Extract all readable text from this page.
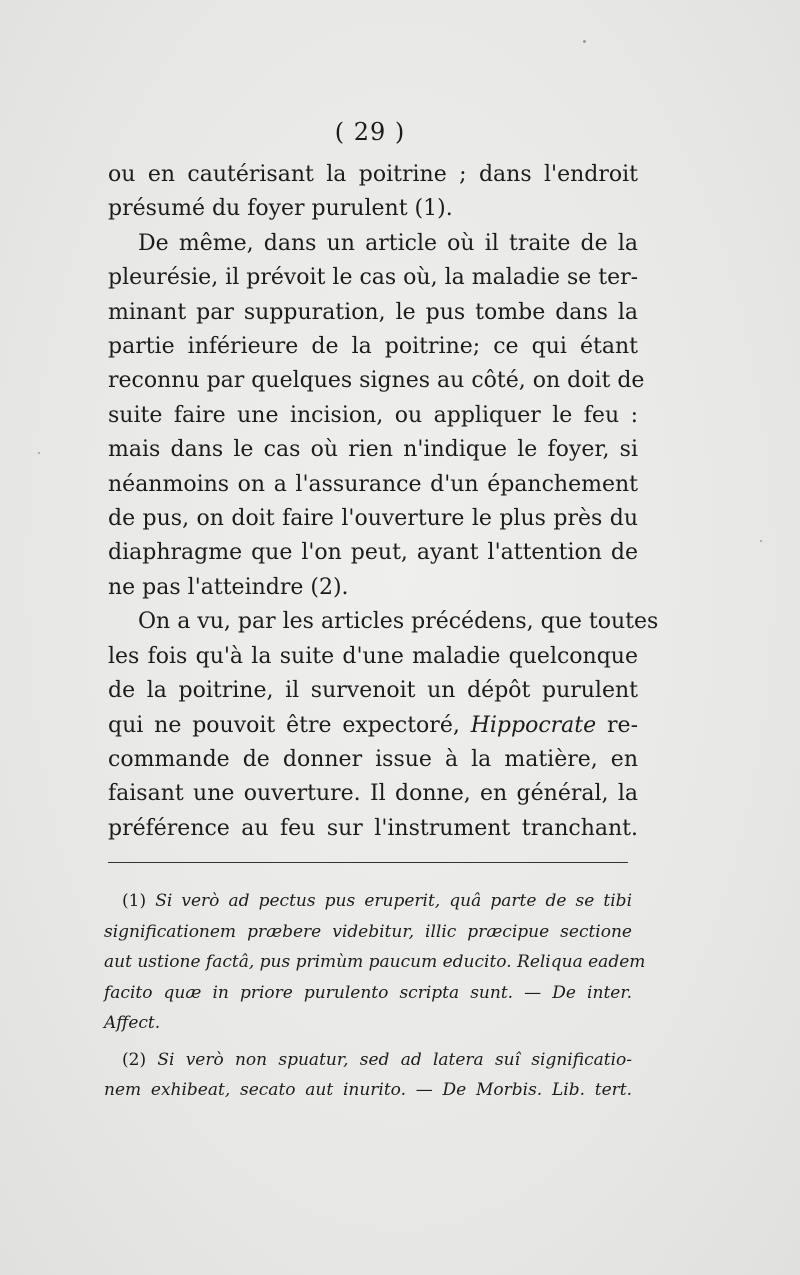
( 29 )
ou en cautérisant la poitrine ; dans l'endroit
présumé du foyer purulent (1).
De même, dans un article où il traite de la
pleurésie, il prévoit le cas où, la maladie se ter-
minant par suppuration, le pus tombe dans la
partie inférieure de la poitrine; ce qui étant
reconnu par quelques signes au côté, on doit de
suite faire une incision, ou appliquer le feu :
mais dans le cas où rien n'indique le foyer, si
néanmoins on a l'assurance d'un épanchement
de pus, on doit faire l'ouverture le plus près du
diaphragme que l'on peut, ayant l'attention de
ne pas l'atteindre (2).
On a vu, par les articles précédens, que toutes
les fois qu'à la suite d'une maladie quelconque
de la poitrine, il survenoit un dépôt purulent
qui ne pouvoit être expectoré, Hippocrate re-
commande de donner issue à la matière, en
faisant une ouverture. Il donne, en général, la
préférence au feu sur l'instrument tranchant.
(1) Si verò ad pectus pus eruperit, quâ parte de se tibi
significationem præbere videbitur, illic præcipue sectione
aut ustione factâ, pus primùm paucum educito. Reliqua eadem
facito quæ in priore purulento scripta sunt. — De inter.
Affect.
(2) Si verò non spuatur, sed ad latera suî significatio-
nem exhibeat, secato aut inurito. — De Morbis. Lib. tert.
